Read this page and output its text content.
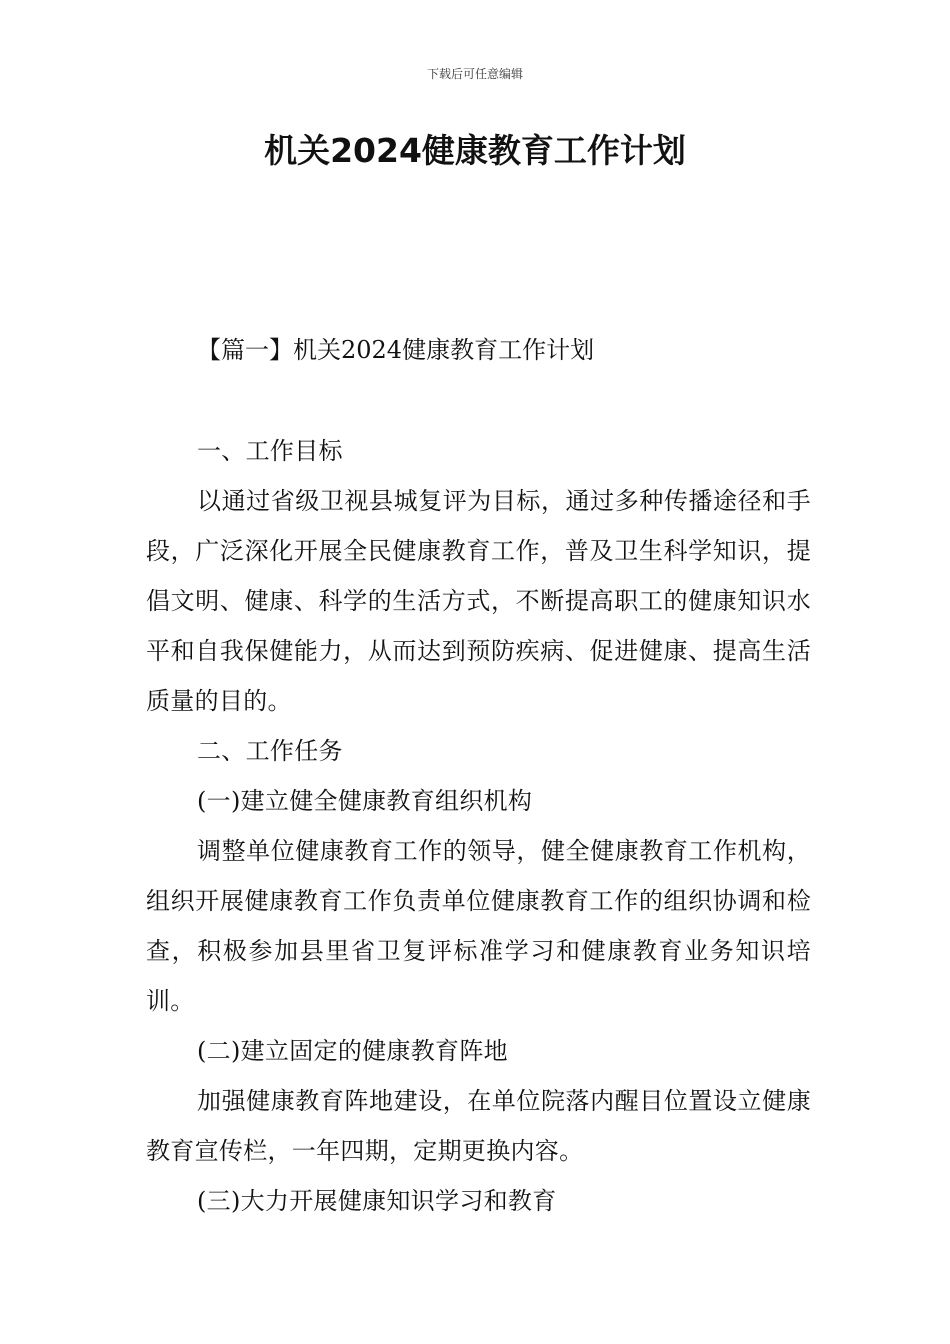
下载后可任意编辑
机关2024健康教育工作计划
【篇一】机关2024健康教育工作计划

一、工作目标

以通过省级卫视县城复评为目标，通过多种传播途径和手段，广泛深化开展全民健康教育工作，普及卫生科学知识，提倡文明、健康、科学的生活方式，不断提高职工的健康知识水平和自我保健能力，从而达到预防疾病、促进健康、提高生活质量的目的。

二、工作任务

(一)建立健全健康教育组织机构

调整单位健康教育工作的领导，健全健康教育工作机构，组织开展健康教育工作负责单位健康教育工作的组织协调和检查，积极参加县里省卫复评标准学习和健康教育业务知识培训。

(二)建立固定的健康教育阵地

加强健康教育阵地建设，在单位院落内醒目位置设立健康教育宣传栏，一年四期，定期更换内容。

(三)大力开展健康知识学习和教育
